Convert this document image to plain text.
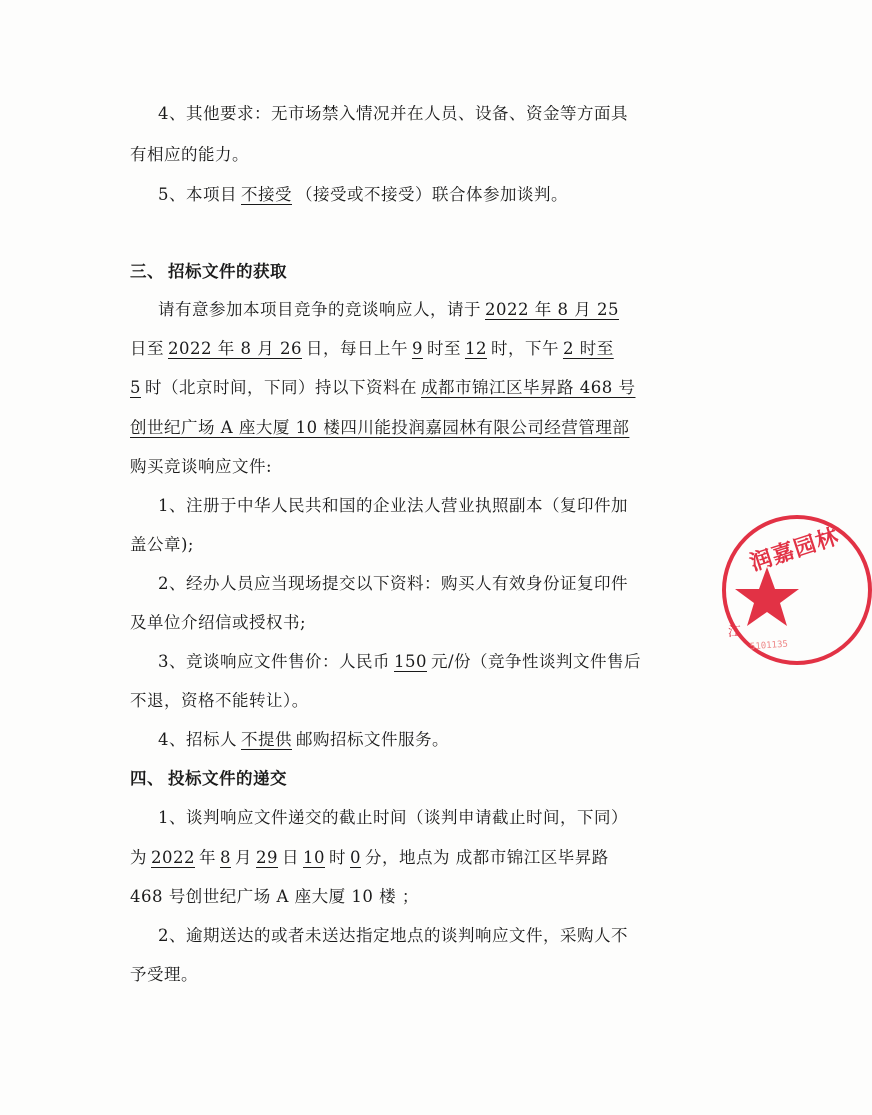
4、其他要求：无市场禁入情况并在人员、设备、资金等方面具
有相应的能力。
5、本项目 不接受 （接受或不接受）联合体参加谈判。
三、 招标文件的获取
请有意参加本项目竞争的竞谈响应人，请于 2022 年 8 月 25
日至 2022 年 8 月 26 日，每日上午 9 时至 12 时，下午 2 时至
5 时（北京时间，下同）持以下资料在 成都市锦江区毕昇路 468 号
创世纪广场 A 座大厦 10 楼四川能投润嘉园林有限公司经营管理部
购买竞谈响应文件:
1、注册于中华人民共和国的企业法人营业执照副本（复印件加
盖公章);
2、经办人员应当现场提交以下资料：购买人有效身份证复印件
及单位介绍信或授权书;
3、竞谈响应文件售价：人民币 150 元/份（竞争性谈判文件售后
不退，资格不能转让）。
4、招标人 不提供 邮购招标文件服务。
四、 投标文件的递交
1、谈判响应文件递交的截止时间（谈判申请截止时间，下同）
为 2022 年 8 月 29 日 10 时 0 分，地点为 成都市锦江区毕昇路
468 号创世纪广场 A 座大厦 10 楼 ；
2、逾期送达的或者未送达指定地点的谈判响应文件，采购人不
予受理。
润嘉园林
江
5101135
